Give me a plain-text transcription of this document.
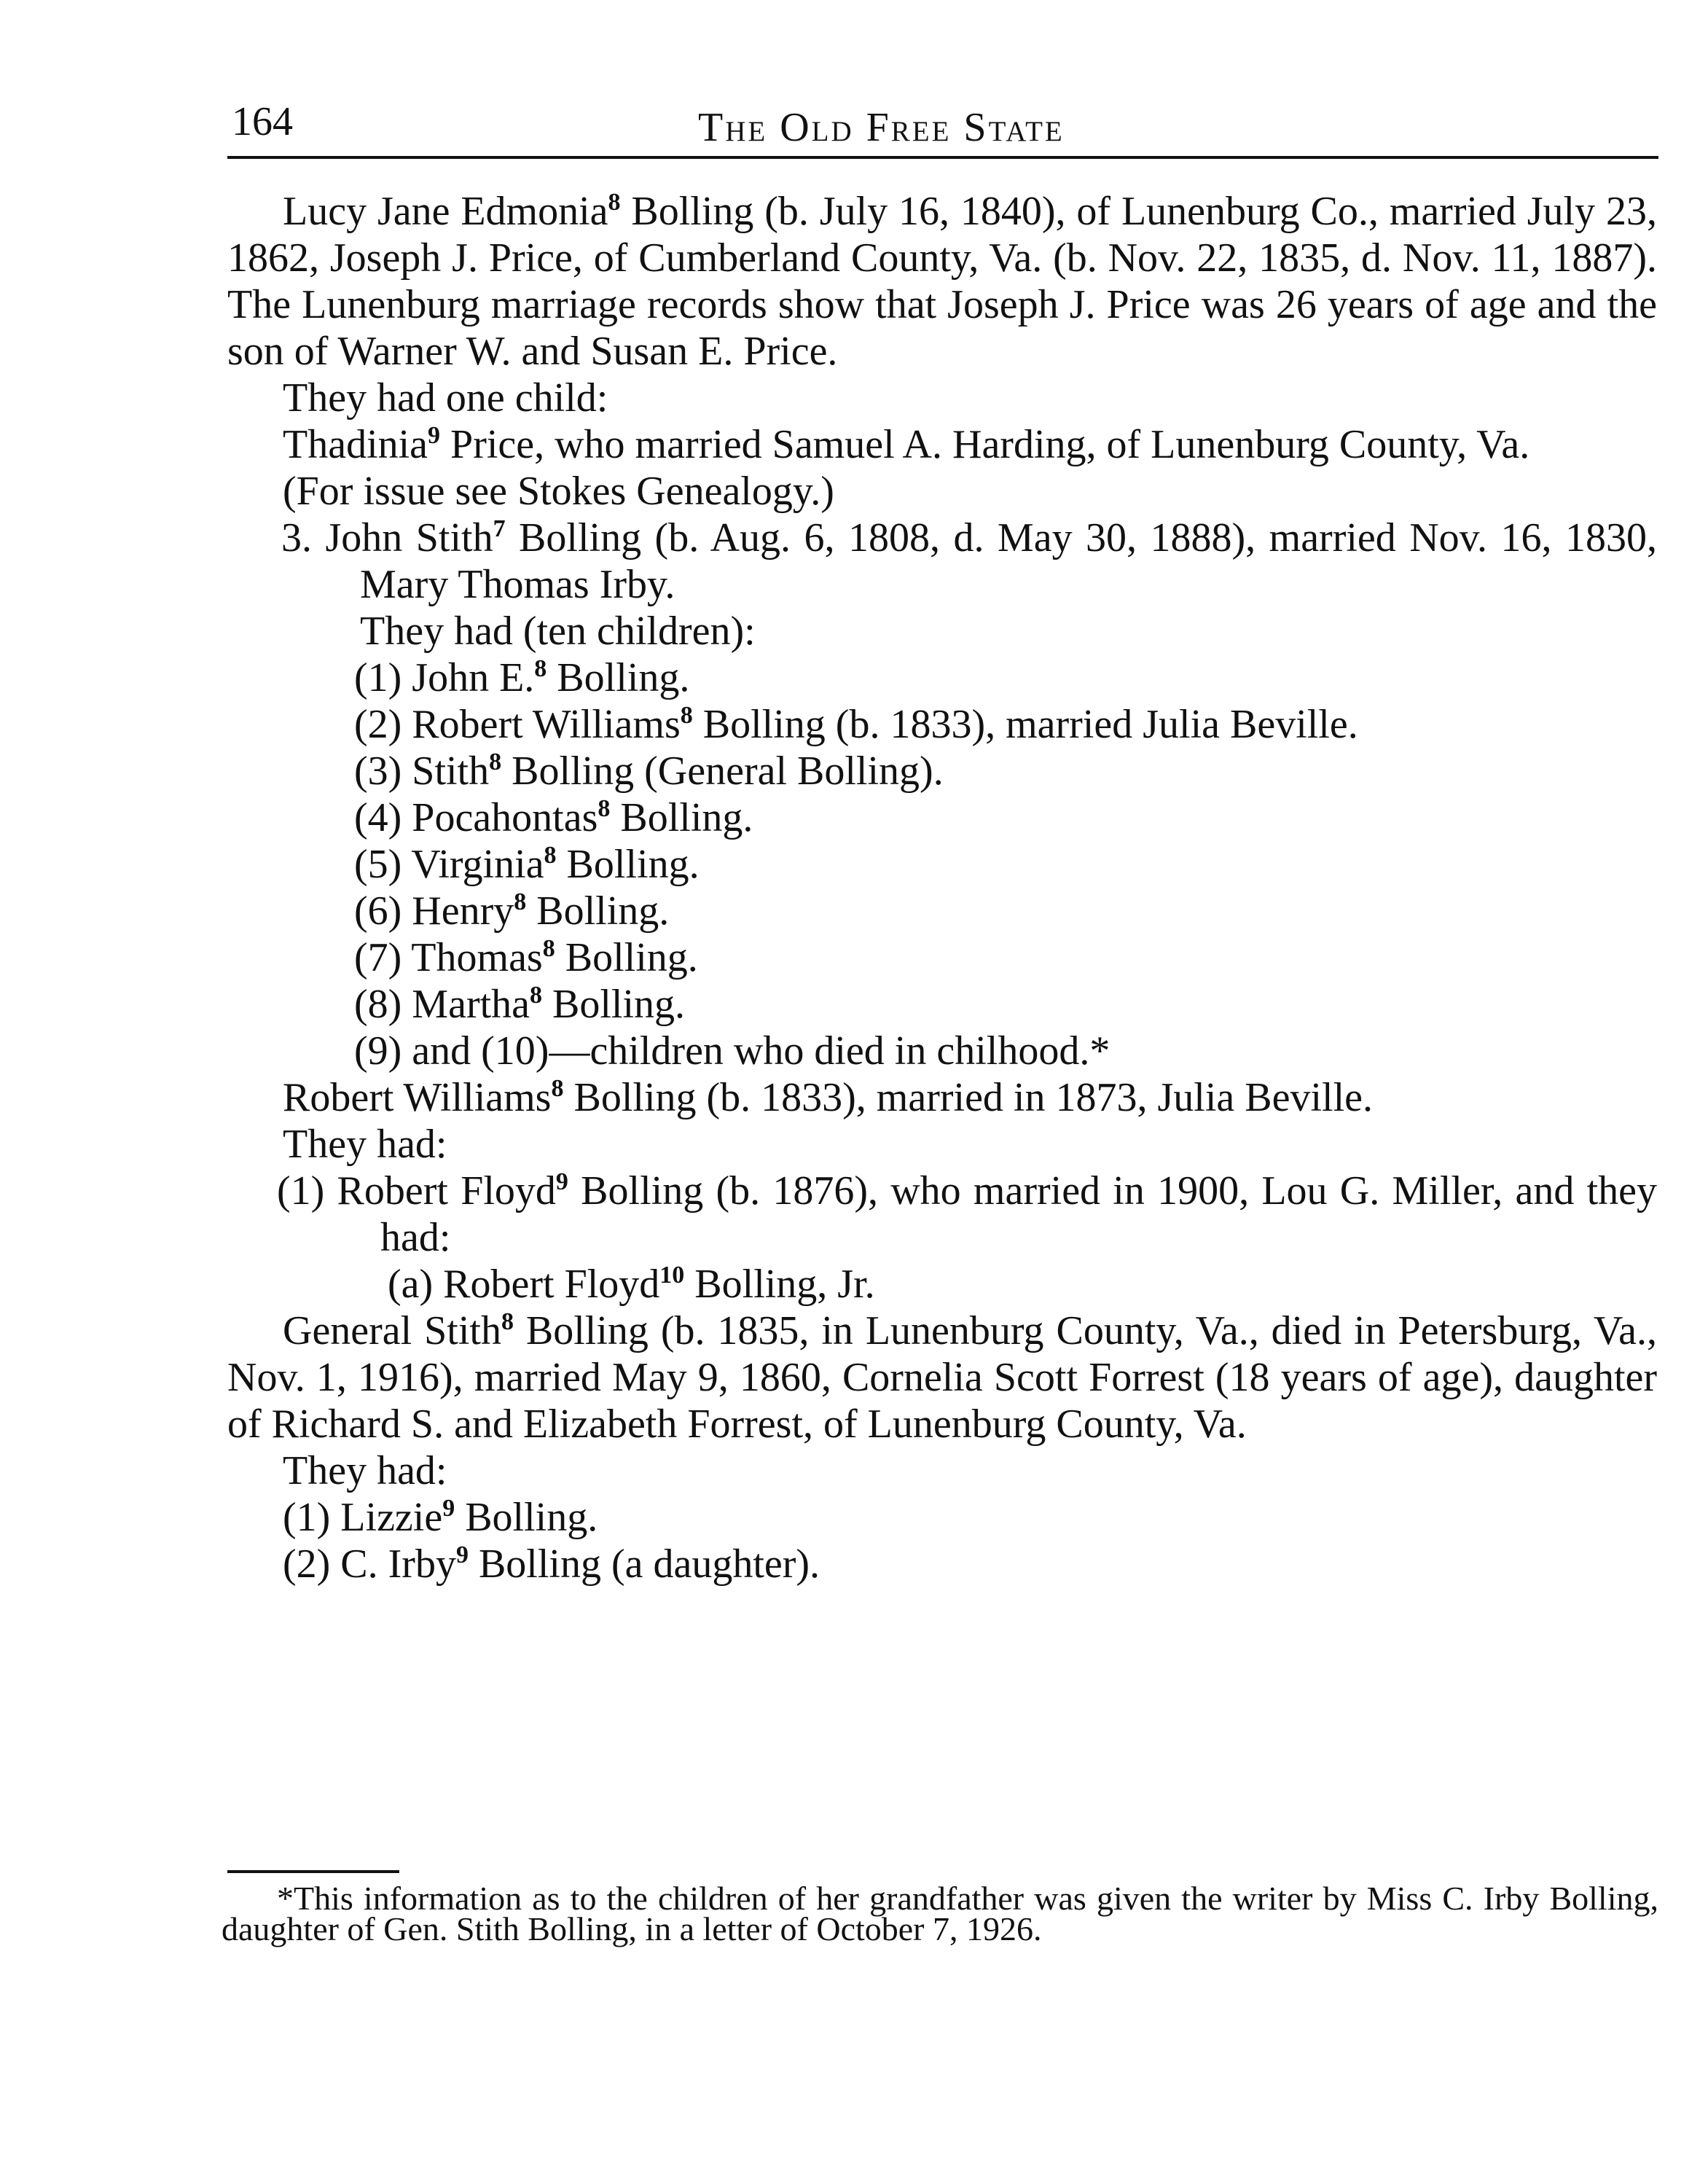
164	The Old Free State

Lucy Jane Edmonia$^8$ Bolling (b. July 16, 1840), of Lunenburg Co., married July 23, 1862, Joseph J. Price, of Cumberland County, Va. (b. Nov. 22, 1835, d. Nov. 11, 1887). The Lunenburg marriage records show that Joseph J. Price was 26 years of age and the son of Warner W. and Susan E. Price.

They had one child:

Thadinia$^9$ Price, who married Samuel A. Harding, of Lunenburg County, Va.

(For issue see Stokes Genealogy.)

3. John Stith$^7$ Bolling (b. Aug. 6, 1808, d. May 30, 1888), married Nov. 16, 1830, Mary Thomas Irby.

They had (ten children):

(1) John E.$^8$ Bolling.

(2) Robert Williams$^8$ Bolling (b. 1833), married Julia Beville.

(3) Stith$^8$ Bolling (General Bolling).

(4) Pocahontas$^8$ Bolling.

(5) Virginia$^8$ Bolling.

(6) Henry$^8$ Bolling.

(7) Thomas$^8$ Bolling.

(8) Martha$^8$ Bolling.

(9) and (10)—children who died in chilhood.*

Robert Williams$^8$ Bolling (b. 1833), married in 1873, Julia Beville.

They had:

(1) Robert Floyd$^9$ Bolling (b. 1876), who married in 1900, Lou G. Miller, and they had:

(a) Robert Floyd$^{10}$ Bolling, Jr.

General Stith$^8$ Bolling (b. 1835, in Lunenburg County, Va., died in Petersburg, Va., Nov. 1, 1916), married May 9, 1860, Cornelia Scott Forrest (18 years of age), daughter of Richard S. and Elizabeth Forrest, of Lunenburg County, Va.

They had:

(1) Lizzie$^9$ Bolling.

(2) C. Irby$^9$ Bolling (a daughter).

*This information as to the children of her grandfather was given the writer by Miss C. Irby Bolling, daughter of Gen. Stith Bolling, in a letter of October 7, 1926.
